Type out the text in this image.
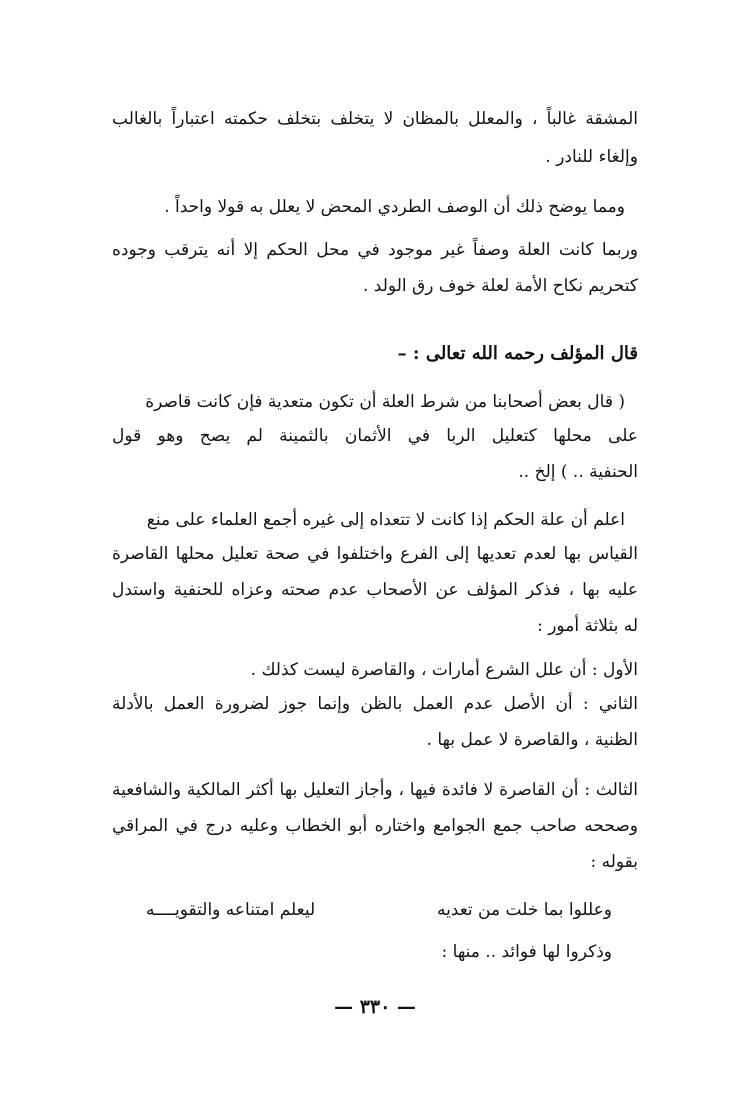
المشقة غالباً ، والمعلل بالمظان لا يتخلف بتخلف حكمته اعتباراً بالغالب
وإلغاء للنادر .
ومما يوضح ذلك أن الوصف الطردي المحض لا يعلل به قولا واحداً .
وربما كانت العلة وصفاً غير موجود في محل الحكم إلا أنه يترقب وجوده
كتحريم نكاح الأمة لعلة خوف رق الولد .
قال المؤلف رحمه الله تعالى : –
( قال بعض أصحابنا من شرط العلة أن تكون متعدية فإن كانت قاصرة
على محلها كتعليل الربا في الأثمان بالثمينة لم يصح وهو قول
الحنفية .. ) إلخ ..
اعلم أن علة الحكم إذا كانت لا تتعداه إلى غيره أجمع العلماء على منع
القياس بها لعدم تعديها إلى الفرع واختلفوا في صحة تعليل محلها القاصرة
عليه بها ، فذكر المؤلف عن الأصحاب عدم صحته وعزاه للحنفية واستدل
له بثلاثة أمور :
الأول : أن علل الشرع أمارات ، والقاصرة ليست كذلك .
الثاني : أن الأصل عدم العمل بالظن وإنما جوز لضرورة العمل بالأدلة
الظنية ، والقاصرة لا عمل بها .
الثالث : أن القاصرة لا فائدة فيها ، وأجاز التعليل بها أكثر المالكية والشافعية
وصححه صاحب جمع الجوامع واختاره أبو الخطاب وعليه درج في المراقي
بقوله :
وعللوا بما خلت من تعديه
ليعلم امتناعه والتقويــــه
وذكروا لها فوائد .. منها :
— ٣٣٠ —
